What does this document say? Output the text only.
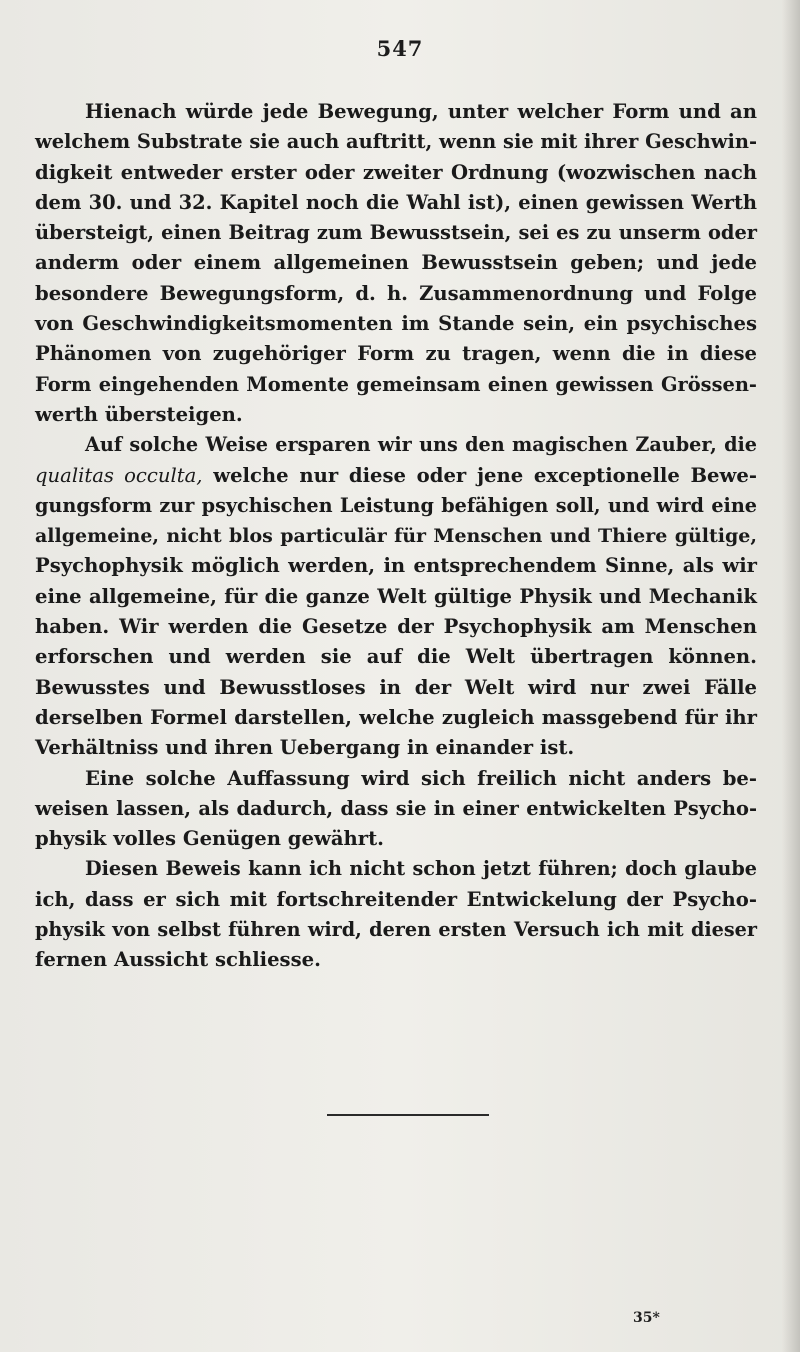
547
Hienach würde jede Bewegung, unter welcher Form und an
welchem Substrate sie auch auftritt, wenn sie mit ihrer Geschwin-
digkeit entweder erster oder zweiter Ordnung (wozwischen nach
dem 30. und 32. Kapitel noch die Wahl ist), einen gewissen Werth
übersteigt, einen Beitrag zum Bewusstsein, sei es zu unserm oder
anderm oder einem allgemeinen Bewusstsein geben; und jede
besondere Bewegungsform, d. h. Zusammenordnung und Folge
von Geschwindigkeitsmomenten im Stande sein, ein psychisches
Phänomen von zugehöriger Form zu tragen, wenn die in diese
Form eingehenden Momente gemeinsam einen gewissen Grössen-
werth übersteigen.
Auf solche Weise ersparen wir uns den magischen Zauber, die
qualitas occulta, welche nur diese oder jene exceptionelle Bewe-
gungsform zur psychischen Leistung befähigen soll, und wird eine
allgemeine, nicht blos particulär für Menschen und Thiere gültige,
Psychophysik möglich werden, in entsprechendem Sinne, als wir
eine allgemeine, für die ganze Welt gültige Physik und Mechanik
haben. Wir werden die Gesetze der Psychophysik am Menschen
erforschen und werden sie auf die Welt übertragen können.
Bewusstes und Bewusstloses in der Welt wird nur zwei Fälle
derselben Formel darstellen, welche zugleich massgebend für ihr
Verhältniss und ihren Uebergang in einander ist.
Eine solche Auffassung wird sich freilich nicht anders be-
weisen lassen, als dadurch, dass sie in einer entwickelten Psycho-
physik volles Genügen gewährt.
Diesen Beweis kann ich nicht schon jetzt führen; doch glaube
ich, dass er sich mit fortschreitender Entwickelung der Psycho-
physik von selbst führen wird, deren ersten Versuch ich mit dieser
fernen Aussicht schliesse.
35*
